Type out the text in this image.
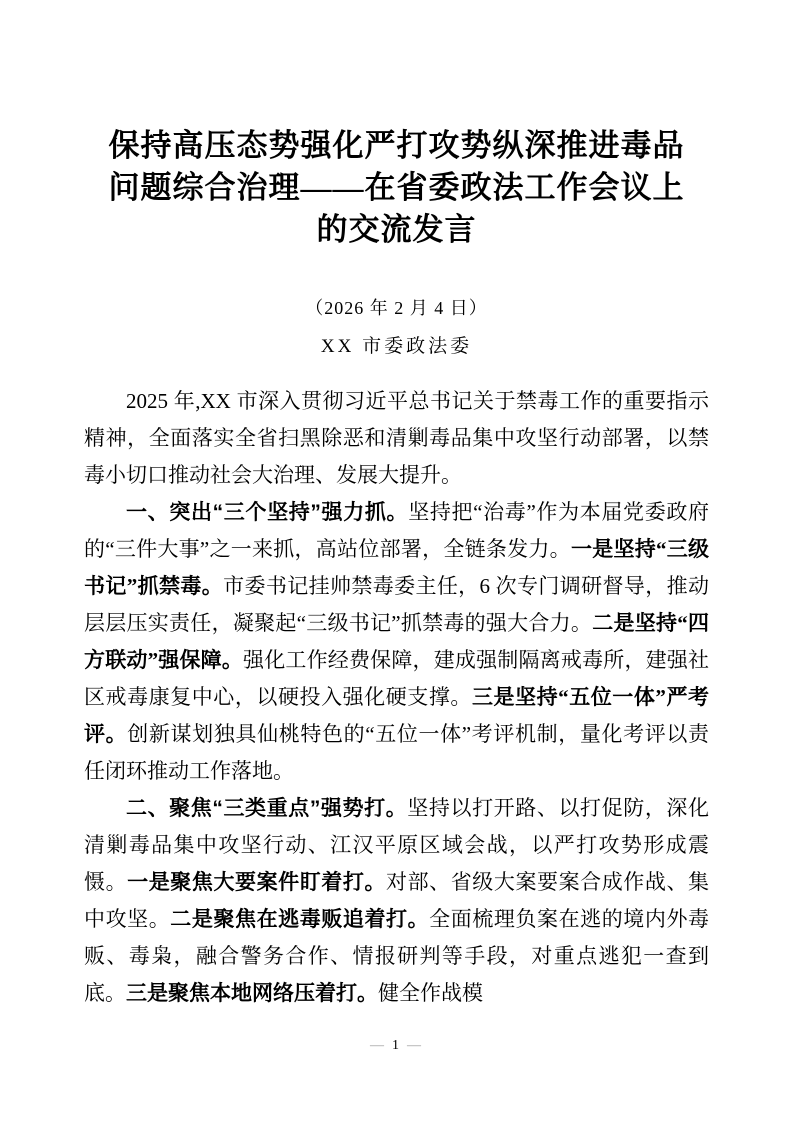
保持高压态势强化严打攻势纵深推进毒品
问题综合治理——在省委政法工作会议上
的交流发言
（2026 年 2 月 4 日）
XX 市委政法委

2025 年,XX 市深入贯彻习近平总书记关于禁毒工作的重要指示精神，全面落实全省扫黑除恶和清剿毒品集中攻坚行动部署，以禁毒小切口推动社会大治理、发展大提升。

一、突出“三个坚持”强力抓。坚持把“治毒”作为本届党委政府的“三件大事”之一来抓，高站位部署，全链条发力。一是坚持“三级书记”抓禁毒。市委书记挂帅禁毒委主任，6 次专门调研督导，推动层层压实责任，凝聚起“三级书记”抓禁毒的强大合力。二是坚持“四方联动”强保障。强化工作经费保障，建成强制隔离戒毒所，建强社区戒毒康复中心，以硬投入强化硬支撑。三是坚持“五位一体”严考评。创新谋划独具仙桃特色的“五位一体”考评机制，量化考评以责任闭环推动工作落地。

二、聚焦“三类重点”强势打。坚持以打开路、以打促防，深化清剿毒品集中攻坚行动、江汉平原区域会战，以严打攻势形成震慑。一是聚焦大要案件盯着打。对部、省级大案要案合成作战、集中攻坚。二是聚焦在逃毒贩追着打。全面梳理负案在逃的境内外毒贩、毒枭，融合警务合作、情报研判等手段，对重点逃犯一查到底。三是聚焦本地网络压着打。健全作战模

— 1 —
